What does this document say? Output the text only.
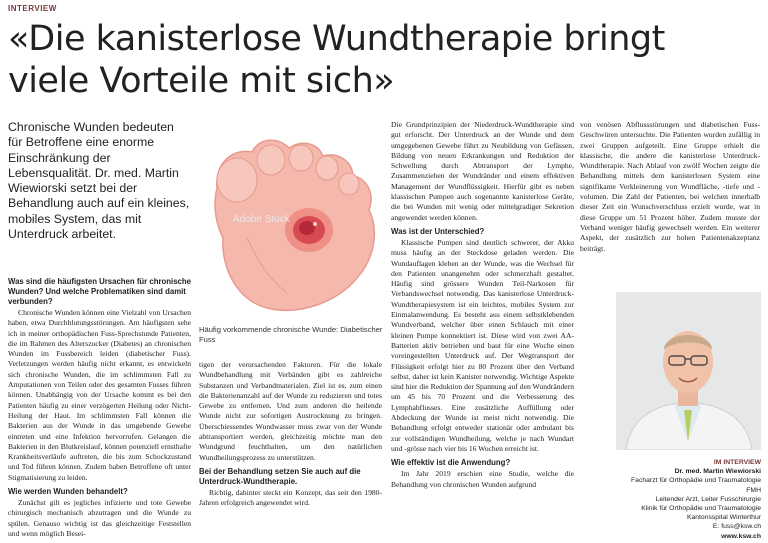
INTERVIEW
«Die kanisterlose Wundtherapie bringt viele Vorteile mit sich»
Chronische Wunden bedeuten für Betroffene eine enorme Einschränkung der Lebensqualität. Dr. med. Martin Wiewiorski setzt bei der Behandlung auch auf ein kleines, mobiles System, das mit Unterdruck arbeitet.

Was sind die häufigsten Ursachen für chronische Wunden? Und welche Problematiken sind damit verbunden?

Chronische Wunden können eine Vielzahl von Ursachen haben, etwa Durchblutungsstörungen. Am häufigsten sehe ich in meiner orthopädischen Fuss-Sprechstunde Patienten, die im Rahmen des Alterszucker (Diabetes) an chronischen Wunden im Fussbereich leiden (diabetischer Fuss). Verletzungen werden häufig nicht erkannt, es entwickeln sich chronische Wunden, die im schlimmsten Fall zu Amputationen von Teilen oder des gesamten Fusses führen können. Unabhängig von der Ursache kommt es bei den Patienten häufig zu einer verzögerten Heilung oder Nicht-Heilung der Haut. Im schlimmsten Fall können die Bakterien aus der Wunde in das umgebende Gewebe eintreten und eine Infektion hervorrufen. Gelangen die Bakterien in den Blutkreislauf, können potenziell ernsthafte Krankheitsverläufe auftreten, die bis zum Schockzustand und Tod führen können. Zudem haben Betroffene oft unter Stigmatisierung zu leiden.

Wie werden Wunden behandelt?

Zunächst gilt es jegliches infizierte und tote Gewebe chirurgisch mechanisch abzutragen und die Wunde zu spülen. Genauso wichtig ist das gleichzeitige Feststellen und wenn möglich Besei-

Adobe Stock
Häufig vorkommende chronische Wunde: Diabetischer Fuss

tigen der verursachenden Faktoren. Für die lokale Wundbehandlung mit Verbänden gibt es zahlreiche Substanzen und Verbandmaterialen. Ziel ist es, zum einen die Bakterienanzahl auf der Wunde zu reduzieren und totes Gewebe zu entfernen. Und zum anderen die heilende Wunde nicht zur sofortigen Austrocknung zu bringen. Überschiessendes Wundwasser muss zwar von der Wunde abtransportiert werden, gleichzeitig möchte man den Wundgrund feuchthalten, um den natürlichen Wundheilungsprozess zu unterstützen.

Bei der Behandlung setzen Sie auch auf die Unterdruck-Wundtherapie.

Richtig, dahinter steckt ein Konzept, das seit den 1980-Jahren erfolgreich angewendet wird.

Die Grundprinzipien der Niederdruck-Wundtherapie sind gut erforscht. Der Unterdruck an der Wunde und dem umgegebenen Gewebe führt zu Neubildung von Gefässen, Bildung von neuen Erkrankungen und Reduktion der Schwellung durch Abtransport der Lymphe, Zusammenziehen der Wundränder und einem effektiven Management der Wundflüssigkeit. Hierfür gibt es neben klassischen Pumpen auch sogenannte kanisterlose Geräte, die bei Wunden mit wenig oder mittelgradiger Sekretion angewendet werden können.

Was ist der Unterschied?

Klassische Pumpen sind deutlich schwerer, der Akku muss häufig an der Steckdose geladen werden. Die Wundauflagen kleben an der Wunde, was die Wechsel für den Patienten unangenehm oder schmerzhaft gestaltet. Häufig sind grössere Wunden Teil-Narkosen für Verbandswechsel notwendig. Das kanisterlose Unterdruck-Wundtherapiesystem ist ein leichtes, mobiles System zur Einmalanwendung. Es besteht aus einem selbstklebenden Wundverband, welcher über einen Schlauch mit einer kleinen Pumpe konnektiert ist. Diese wird von zwei AA-Batterien aktiv betrieben und baut für eine Woche einen voreingestellten Unterdruck auf. Der Wegtransport der Flüssigkeit erfolgt hier zu 80 Prozent über den Verband selbst, daher ist kein Kanister notwendig. Wichtige Aspekte sind hier die Reduktion der Spannung auf den Wundrändern um 45 bis 70 Prozent und die Verbesserung des Lymphabflusses. Eine zusätzliche Auffüllung oder Abdeckung der Wunde ist meist nicht notwendig. Die Behandlung erfolgt entweder stationär oder ambulant bis zur vollständigen Wundheilung, welche je nach Wundart und -grösse nach vier bis 16 Wochen erreicht ist.

Wie effektiv ist die Anwendung?

Im Jahr 2019 erschien eine Studie, welche die Behandlung von chronischen Wunden aufgrund

von venösen Abflussstörungen und diabetischen Fuss-Geschwüren untersuchte. Die Patienten wurden zufällig in zwei Gruppen aufgeteilt. Eine Gruppe erhielt die klassische, die andere die kanisterlose Unterdruck-Wundtherapie. Nach Ablauf von zwölf Wochen zeigte die Behandlung mittels dem kanisterlosen System eine signifikante Verkleinerung von Wundfläche, -tiefe und -volumen. Die Zahl der Patienten, bei welchen innerhalb dieser Zeit ein Wunschverschluss erzielt wurde, war in diese Gruppe um 51 Prozent höher. Zudem musste der Verband weniger häufig gewechselt werden. Ein weiterer Aspekt, der zusätzlich zur hohen Patientenakzeptanz beiträgt.

IM INTERVIEW
Dr. med. Martin Wiewiorski
Facharzt für Orthopädie und Traumatologie FMH
Leitender Arzt, Leiter Fusschirurgie
Klinik für Orthopädie und Traumatologie
Kantonsspital Winterthur
E: fuss@ksw.ch
www.ksw.ch
